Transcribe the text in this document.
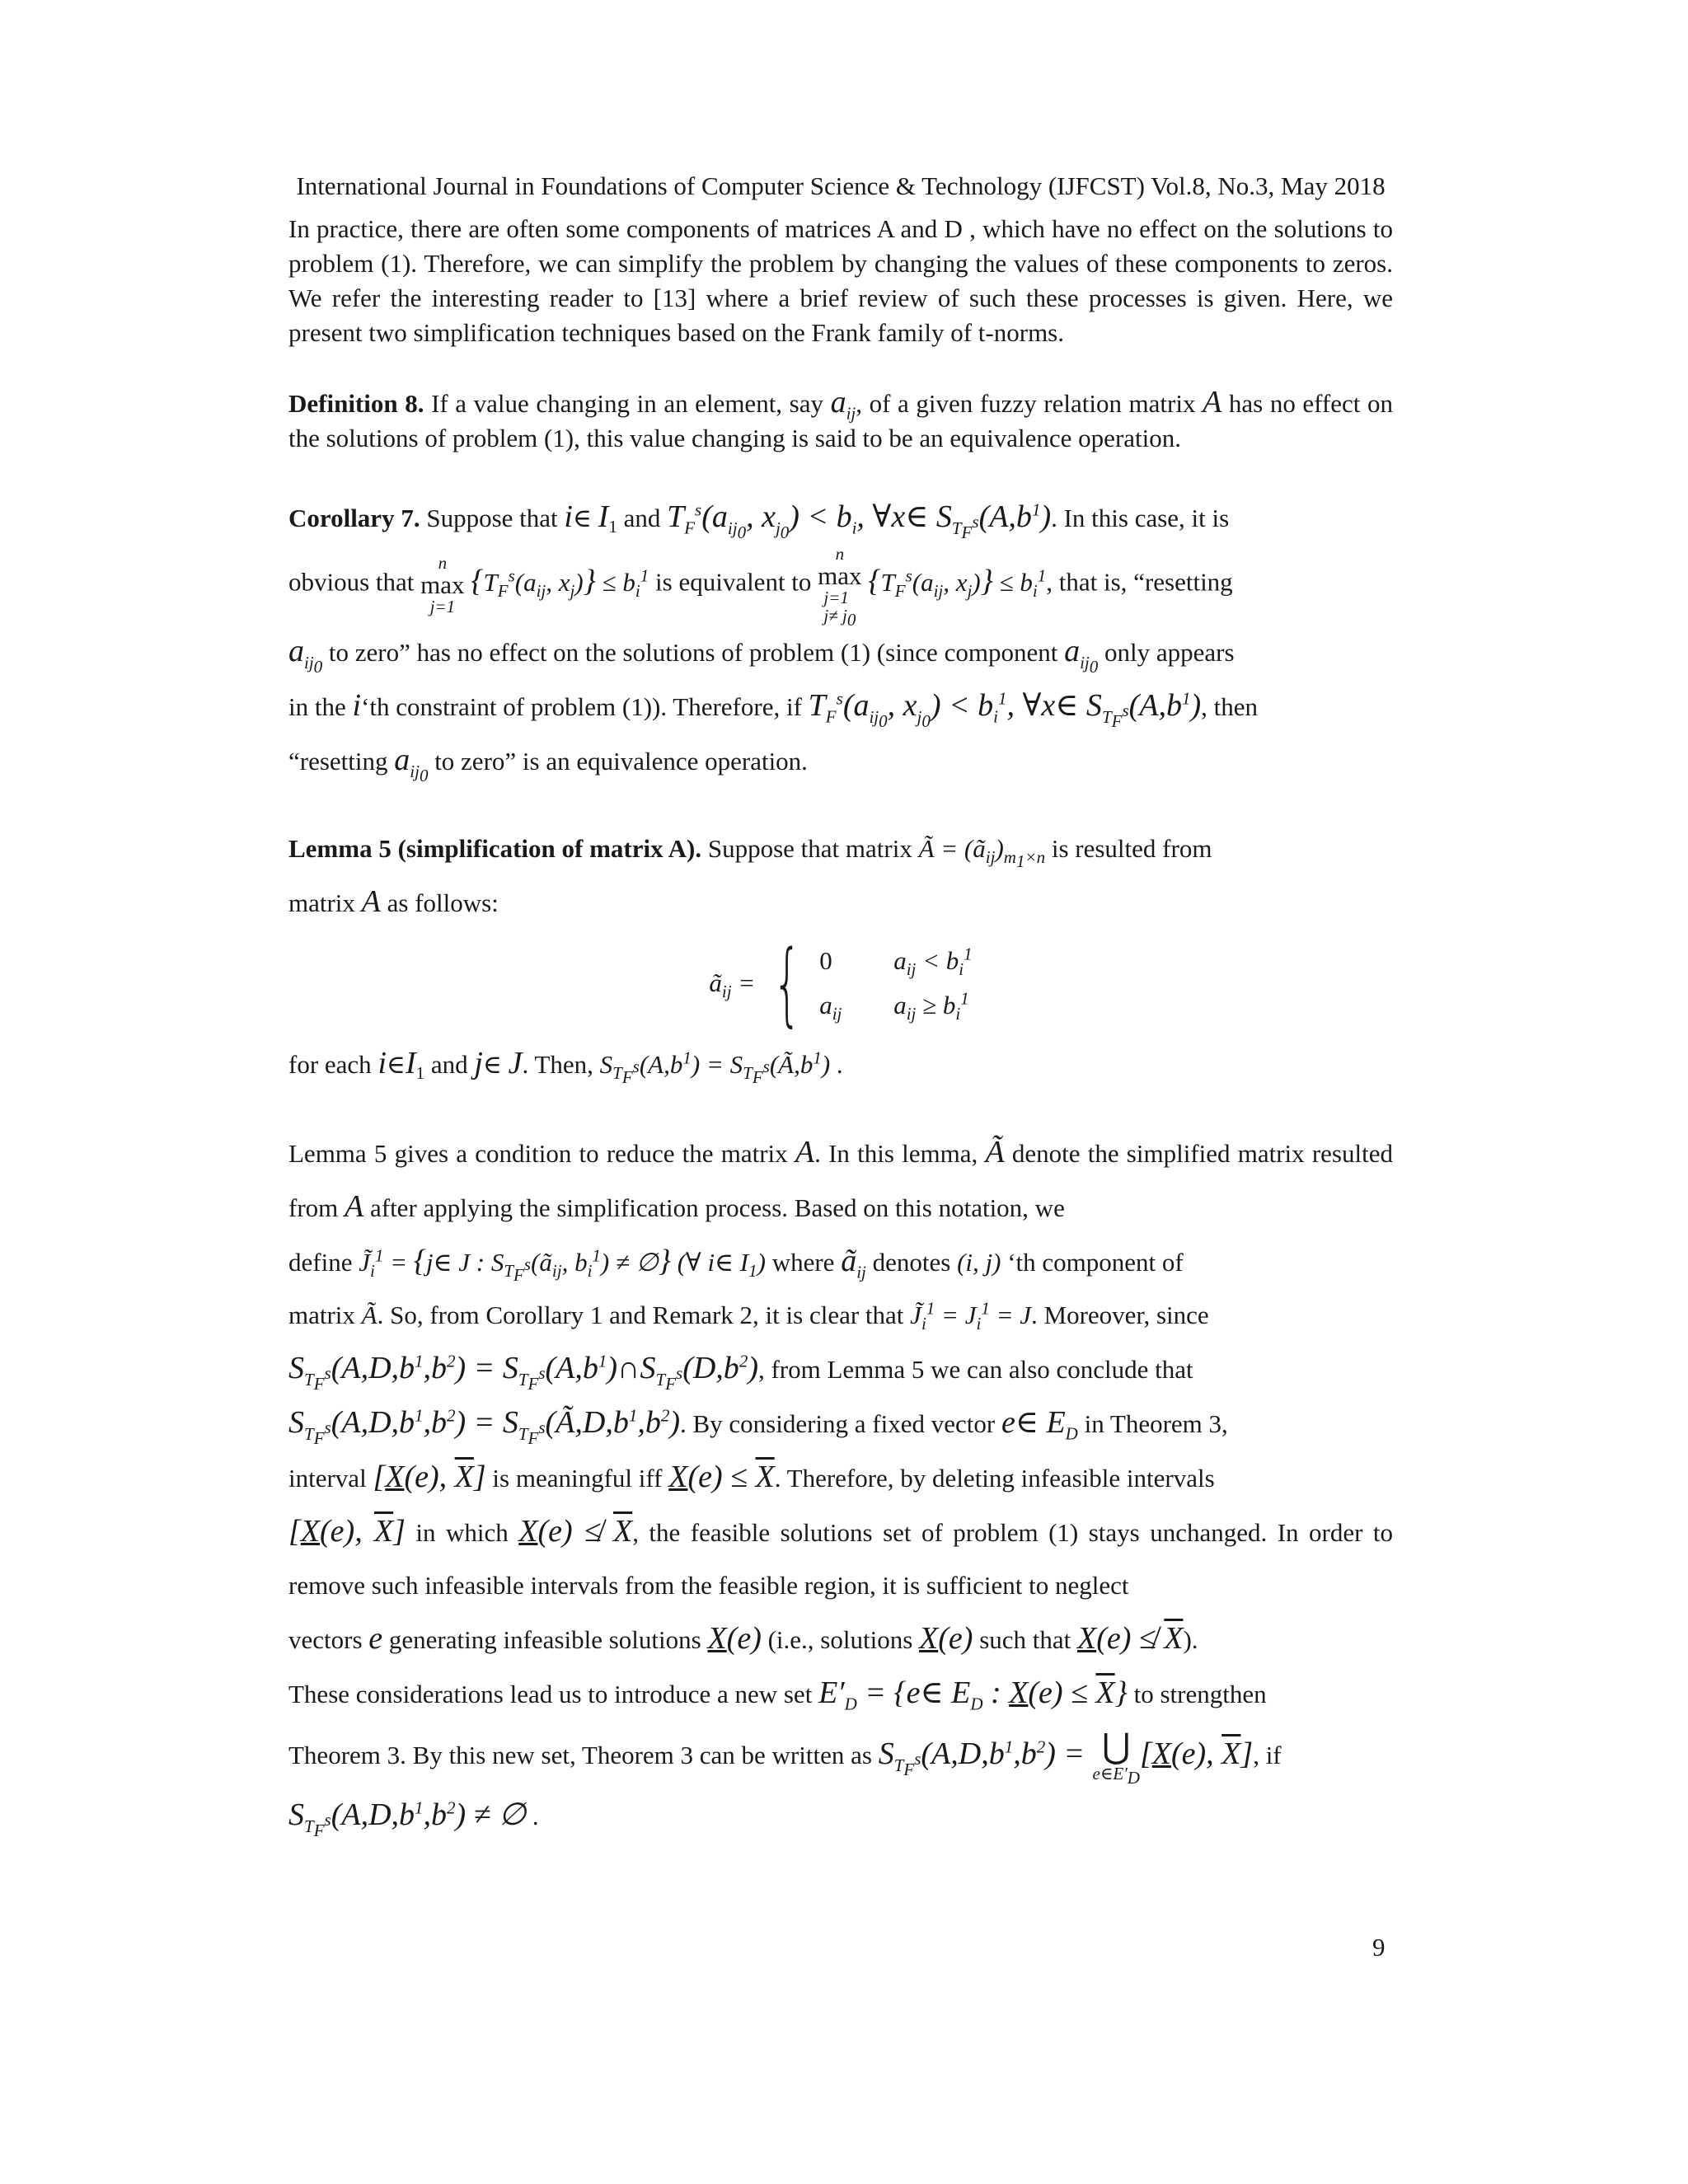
International Journal in Foundations of Computer Science & Technology (IJFCST) Vol.8, No.3, May 2018

In practice, there are often some components of matrices A and D , which have no effect on the solutions to problem (1). Therefore, we can simplify the problem by changing the values of these components to zeros. We refer the interesting reader to [13] where a brief review of such these processes is given. Here, we present two simplification techniques based on the Frank family of t-norms.

Definition 8. If a value changing in an element, say $a_{ij}$, of a given fuzzy relation matrix A has no effect on the solutions of problem (1), this value changing is said to be an equivalence operation.

Corollary 7. Suppose that i∈ $I_1$ and $T_F^s(a_{ij_0}$, $x_{j_0}) < b_i$, ∀x∈ $S_{T_F^s}(A,b^1)$. In this case, it is

obvious that
n
max
j=1
{$T_F^s(a_{ij}$, $x_j)\} \le b_i^1$ is equivalent to
n
max
j=1
$j\ne j_0$
{$T_F^s(a_{ij}$, $x_j)\} \le b_i^1$, that is, “resetting

$a_{ij_0}$ to zero” has no effect on the solutions of problem (1) (since component $a_{ij_0}$ only appears

in the i‘th constraint of problem (1)). Therefore, if $T_F^s(a_{ij_0}$, $x_{j_0}) < b_i^1$, ∀x∈ $S_{T_F^s}(A,b^1)$, then

“resetting $a_{ij_0}$ to zero” is an equivalence operation.

Lemma 5 (simplification of matrix A). Suppose that matrix Ã = $(ã_{ij})_{m_1\times n}$ is resulted from

matrix A as follows:

$ã_{ij}$ = { 0	$a_{ij} < b_i^1$
$a_{ij}$	$a_{ij} \ge b_i^1$

for each $i\in I_1$ and j∈ J. Then, $S_{T_F^s}(A,b^1)$ = $S_{T_F^s}(Ã,b^1)$ .

Lemma 5 gives a condition to reduce the matrix A. In this lemma, Ã denote the simplified matrix resulted from A after applying the simplification process. Based on this notation, we

define $J̃_i^1$ = {j∈ J : $S_{T_F^s}(ã_{ij}$, $b_i^1$) ≠ ∅} (∀ i∈ $I_1$) where $ã_{ij}$ denotes (i, j) ‘th component of

matrix Ã. So, from Corollary 1 and Remark 2, it is clear that $J̃_i^1 = J_i^1 = J$. Moreover, since

$S_{T_F^s}(A,D,b^1,b^2)$ = $S_{T_F^s}(A,b^1)\cap S_{T_F^s}(D,b^2)$, from Lemma 5 we can also conclude that

$S_{T_F^s}(A,D,b^1,b^2)$ = $S_{T_F^s}(Ã,D,b^1,b^2)$. By considering a fixed vector e∈ $E_D$ in Theorem 3,

interval [X(e), $\overline{X}$] is meaningful iff $X(e) \le \overline{X}$. Therefore, by deleting infeasible intervals

[X(e), $\overline{X}$] in which X(e) ≰ $\overline{X}$, the feasible solutions set of problem (1) stays unchanged. In order to remove such infeasible intervals from the feasible region, it is sufficient to neglect

vectors e generating infeasible solutions X(e) (i.e., solutions X(e) such that X(e) ≰ $\overline{X}$).

These considerations lead us to introduce a new set $E'_D$ = {e∈ $E_D$ : $X(e) \le \overline{X}$} to strengthen

Theorem 3. By this new set, Theorem 3 can be written as $S_{T_F^s}(A,D,b^1,b^2)$ = ⋃
$e\in E'_D$
[X(e), $\overline{X}$], if

$S_{T_F^s}(A,D,b^1,b^2)$ ≠ ∅ .

9
